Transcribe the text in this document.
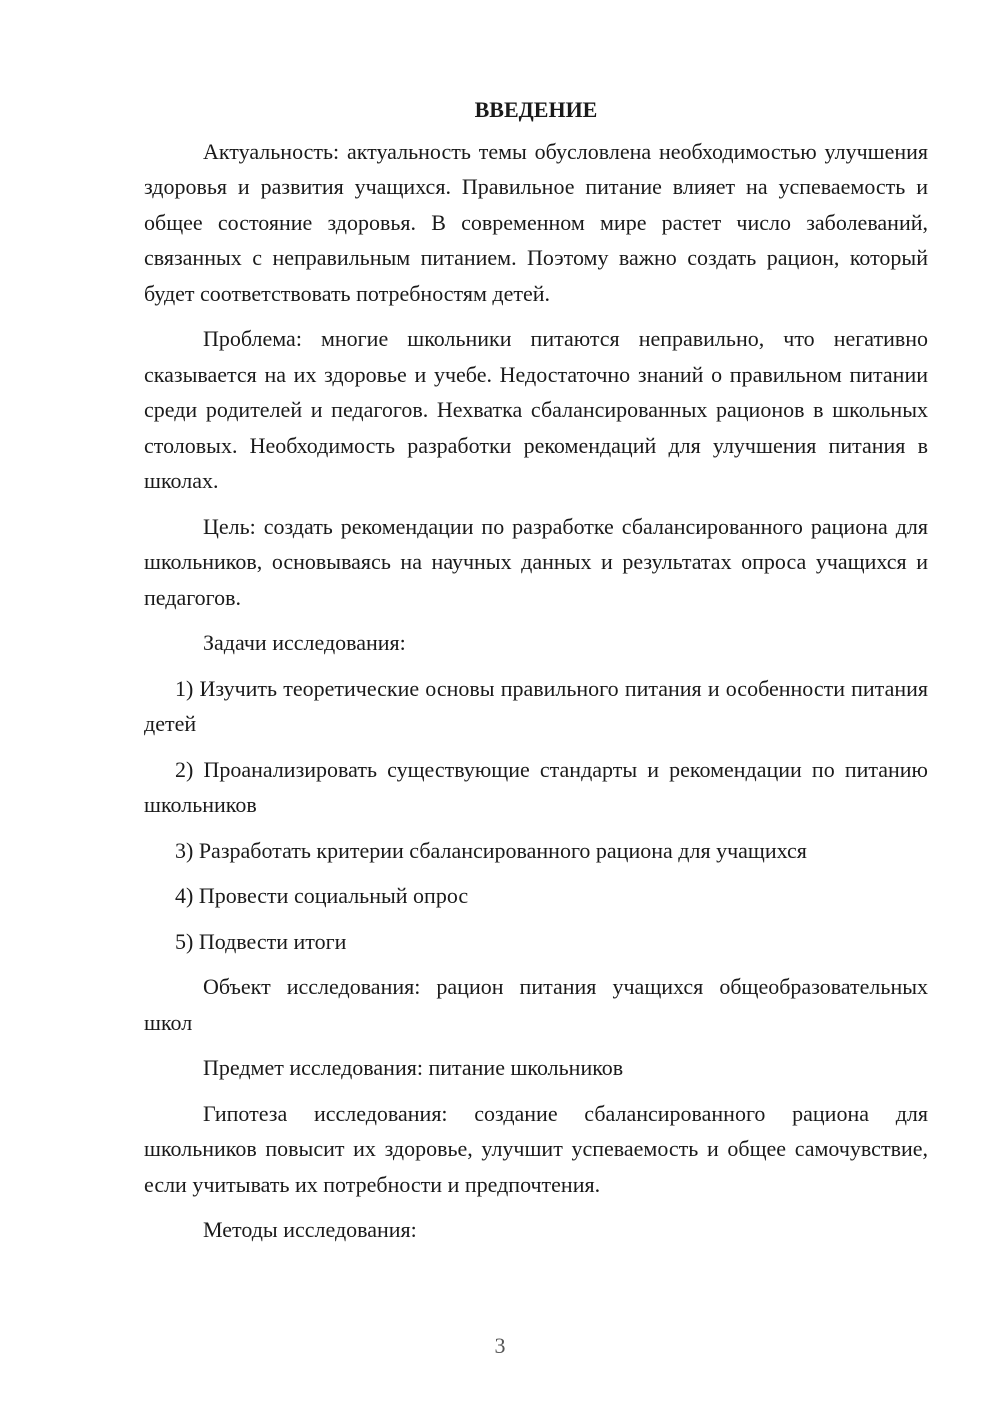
ВВЕДЕНИЕ

Актуальность: актуальность темы обусловлена необходимостью улучшения здоровья и развития учащихся. Правильное питание влияет на успеваемость и общее состояние здоровья. В современном мире растет число заболеваний, связанных с неправильным питанием. Поэтому важно создать рацион, который будет соответствовать потребностям детей.

Проблема: многие школьники питаются неправильно, что негативно сказывается на их здоровье и учебе. Недостаточно знаний о правильном питании среди родителей и педагогов. Нехватка сбалансированных рационов в школьных столовых. Необходимость разработки рекомендаций для улучшения питания в школах.

Цель: создать рекомендации по разработке сбалансированного рациона для школьников, основываясь на научных данных и результатах опроса учащихся и педагогов.

Задачи исследования:

1) Изучить теоретические основы правильного питания и особенности питания детей

2) Проанализировать существующие стандарты и рекомендации по питанию школьников

3) Разработать критерии сбалансированного рациона для учащихся

4) Провести социальный опрос

5) Подвести итоги

Объект исследования: рацион питания учащихся общеобразовательных школ

Предмет исследования: питание школьников

Гипотеза исследования: создание сбалансированного рациона для школьников повысит их здоровье, улучшит успеваемость и общее самочувствие, если учитывать их потребности и предпочтения.

Методы исследования:

3
